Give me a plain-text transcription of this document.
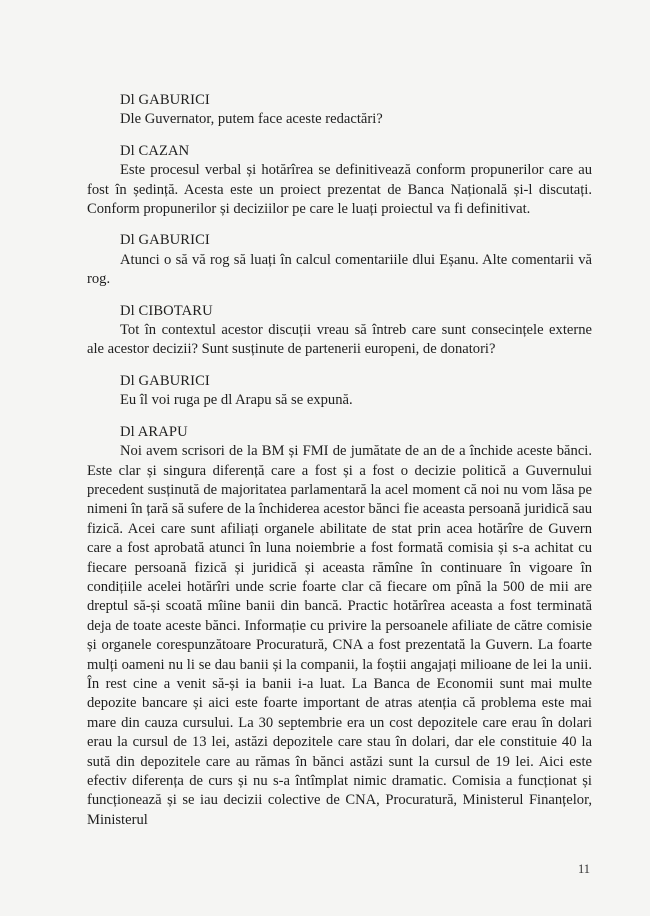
Dl GABURICI

Dle Guvernator, putem face aceste redactări?

Dl CAZAN

Este procesul verbal și hotărîrea se definitivează conform propunerilor care au fost în ședință. Acesta este un proiect prezentat de Banca Națională și-l discutați. Conform propunerilor și deciziilor pe care le luați proiectul va fi definitivat.

Dl GABURICI

Atunci o să vă rog să luați în calcul comentariile dlui Eșanu. Alte comentarii vă rog.

Dl CIBOTARU

Tot în contextul acestor discuții vreau să întreb care sunt consecințele externe ale acestor decizii? Sunt susținute de partenerii europeni, de donatori?

Dl GABURICI

Eu îl voi ruga pe dl Arapu să se expună.

Dl ARAPU

Noi avem scrisori de la BM și FMI de jumătate de an de a închide aceste bănci. Este clar și singura diferență care a fost și a fost o decizie politică a Guvernului precedent susținută de majoritatea parlamentară la acel moment că noi nu vom lăsa pe nimeni în țară să sufere de la închiderea acestor bănci fie aceasta persoană juridică sau fizică. Acei care sunt afiliați organele abilitate de stat prin acea hotărîre de Guvern care a fost aprobată atunci în luna noiembrie a fost formată comisia și s-a achitat cu fiecare persoană fizică și juridică și aceasta rămîne în continuare în vigoare în condițiile acelei hotărîri unde scrie foarte clar că fiecare om pînă la 500 de mii are dreptul să-și scoată mîine banii din bancă. Practic hotărîrea aceasta a fost terminată deja de toate aceste bănci. Informație cu privire la persoanele afiliate de către comisie și organele corespunzătoare Procuratură, CNA a fost prezentată la Guvern. La foarte mulți oameni nu li se dau banii și la companii, la foștii angajați milioane de lei la unii. În rest cine a venit să-și ia banii i-a luat. La Banca de Economii sunt mai multe depozite bancare și aici este foarte important de atras atenția că problema este mai mare din cauza cursului. La 30 septembrie era un cost depozitele care erau în dolari erau la cursul de 13 lei, astăzi depozitele care stau în dolari, dar ele constituie 40 la sută din depozitele care au rămas în bănci astăzi sunt la cursul de 19 lei. Aici este efectiv diferența de curs și nu s-a întîmplat nimic dramatic. Comisia a funcționat și funcționează și se iau decizii colective de CNA, Procuratură, Ministerul Finanțelor, Ministerul

11
